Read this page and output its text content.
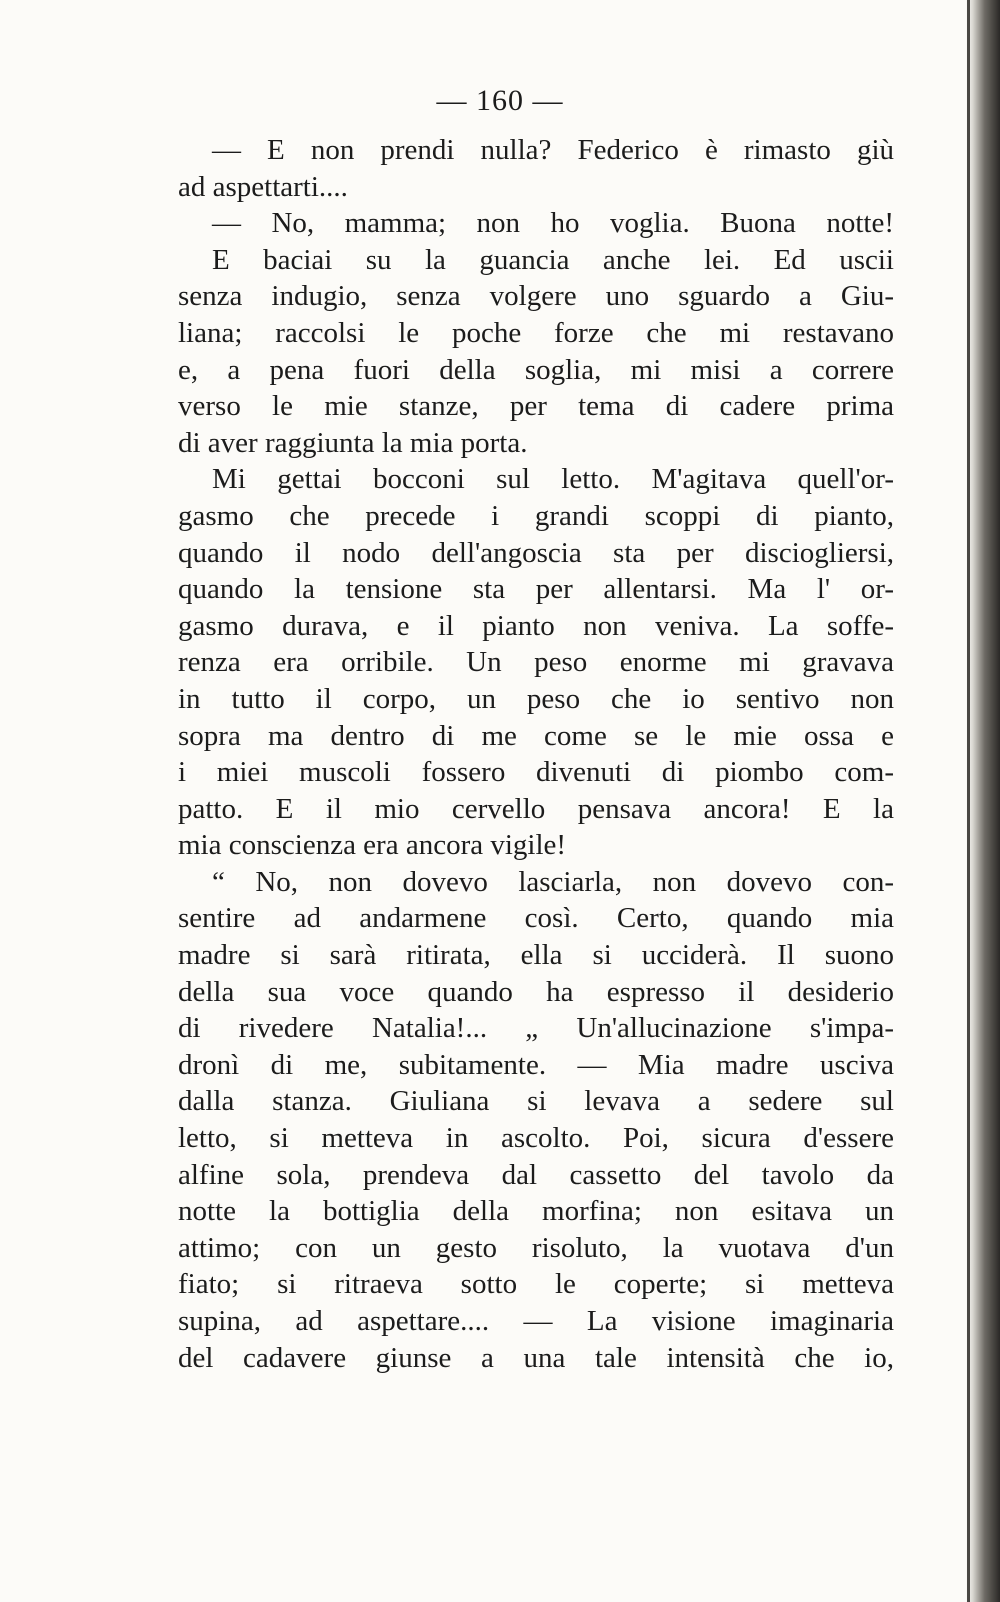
— 160 —
— E non prendi nulla? Federico è rimasto giù
ad aspettarti....
— No, mamma; non ho voglia. Buona notte!
E baciai su la guancia anche lei. Ed uscii
senza indugio, senza volgere uno sguardo a Giu-
liana; raccolsi le poche forze che mi restavano
e, a pena fuori della soglia, mi misi a correre
verso le mie stanze, per tema di cadere prima
di aver raggiunta la mia porta.
Mi gettai bocconi sul letto. M'agitava quell'or-
gasmo che precede i grandi scoppi di pianto,
quando il nodo dell'angoscia sta per disciogliersi,
quando la tensione sta per allentarsi. Ma l' or-
gasmo durava, e il pianto non veniva. La soffe-
renza era orribile. Un peso enorme mi gravava
in tutto il corpo, un peso che io sentivo non
sopra ma dentro di me come se le mie ossa e
i miei muscoli fossero divenuti di piombo com-
patto. E il mio cervello pensava ancora! E la
mia conscienza era ancora vigile!
“ No, non dovevo lasciarla, non dovevo con-
sentire ad andarmene così. Certo, quando mia
madre si sarà ritirata, ella si ucciderà. Il suono
della sua voce quando ha espresso il desiderio
di rivedere Natalia!... „ Un'allucinazione s'impa-
dronì di me, subitamente. — Mia madre usciva
dalla stanza. Giuliana si levava a sedere sul
letto, si metteva in ascolto. Poi, sicura d'essere
alfine sola, prendeva dal cassetto del tavolo da
notte la bottiglia della morfina; non esitava un
attimo; con un gesto risoluto, la vuotava d'un
fiato; si ritraeva sotto le coperte; si metteva
supina, ad aspettare.... — La visione imaginaria
del cadavere giunse a una tale intensità che io,
